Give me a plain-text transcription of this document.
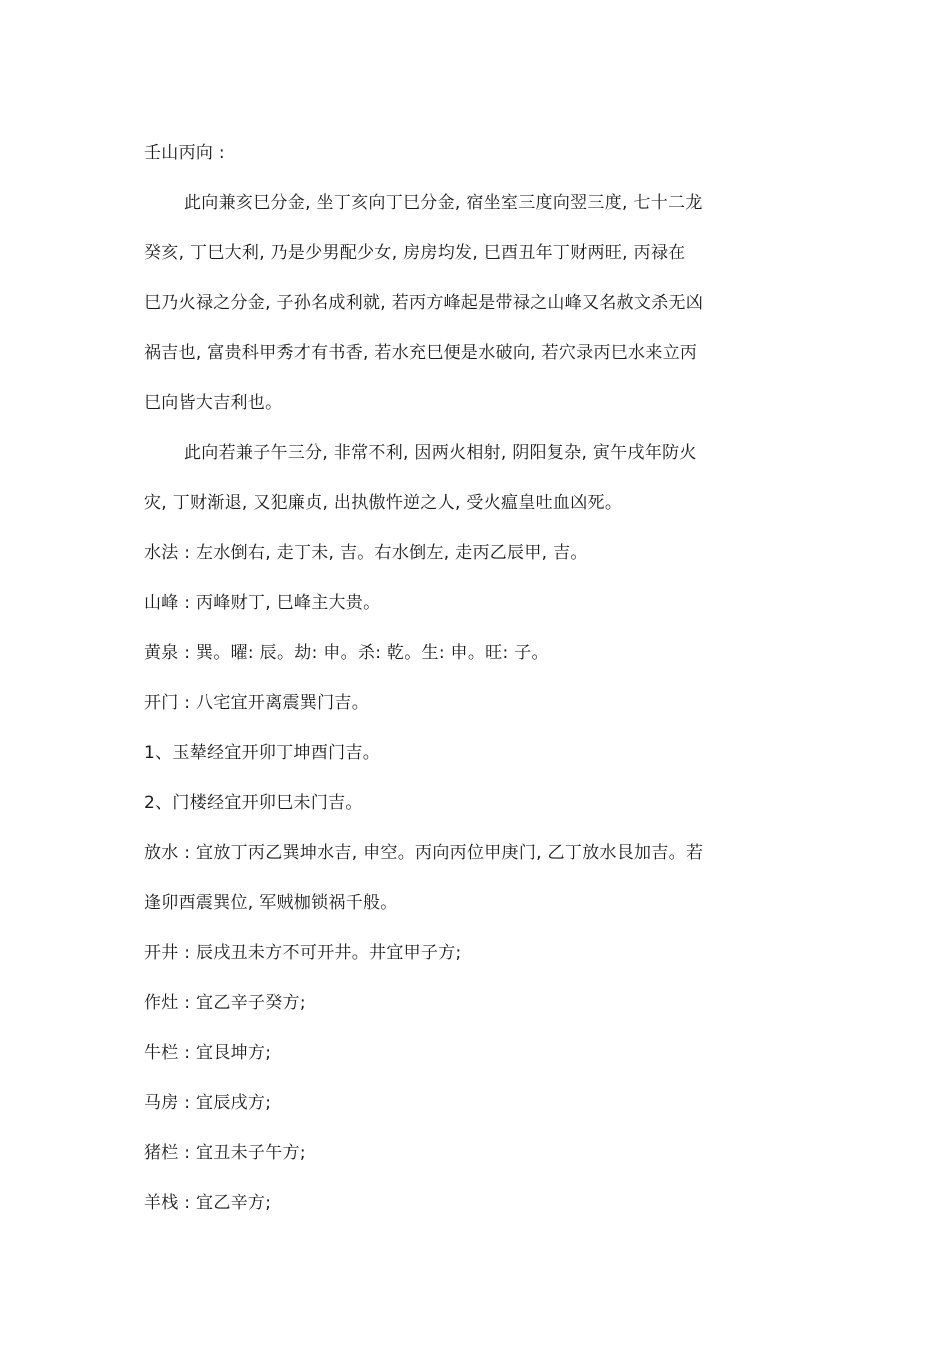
壬山丙向 :
此向兼亥巳分金, 坐丁亥向丁巳分金, 宿坐室三度向翌三度, 七十二龙
癸亥, 丁巳大利, 乃是少男配少女, 房房均发, 巳酉丑年丁财两旺, 丙禄在
巳乃火禄之分金, 子孙名成利就, 若丙方峰起是带禄之山峰又名赦文杀无凶
祸吉也, 富贵科甲秀才有书香, 若水充巳便是水破向, 若穴录丙巳水来立丙
巳向皆大吉利也。
此向若兼子午三分, 非常不利, 因两火相射, 阴阳复杂, 寅午戌年防火
灾, 丁财渐退, 又犯廉贞, 出执傲忤逆之人, 受火瘟皇吐血凶死。
水法 : 左水倒右, 走丁未, 吉。右水倒左, 走丙乙辰甲, 吉。
山峰 : 丙峰财丁, 巳峰主大贵。
黄泉 : 巽。曜: 辰。劫: 申。杀: 乾。生: 申。旺: 子。
开门 : 八宅宜开离震巽门吉。
1、玉辇经宜开卯丁坤酉门吉。
2、门楼经宜开卯巳未门吉。
放水 : 宜放丁丙乙巽坤水吉, 申空。丙向丙位甲庚门, 乙丁放水艮加吉。若
逢卯酉震巽位, 军贼枷锁祸千般。
开井 : 辰戌丑未方不可开井。井宜甲子方;
作灶 : 宜乙辛子癸方;
牛栏 : 宜艮坤方;
马房 : 宜辰戌方;
猪栏 : 宜丑未子午方;
羊栈 : 宜乙辛方;
